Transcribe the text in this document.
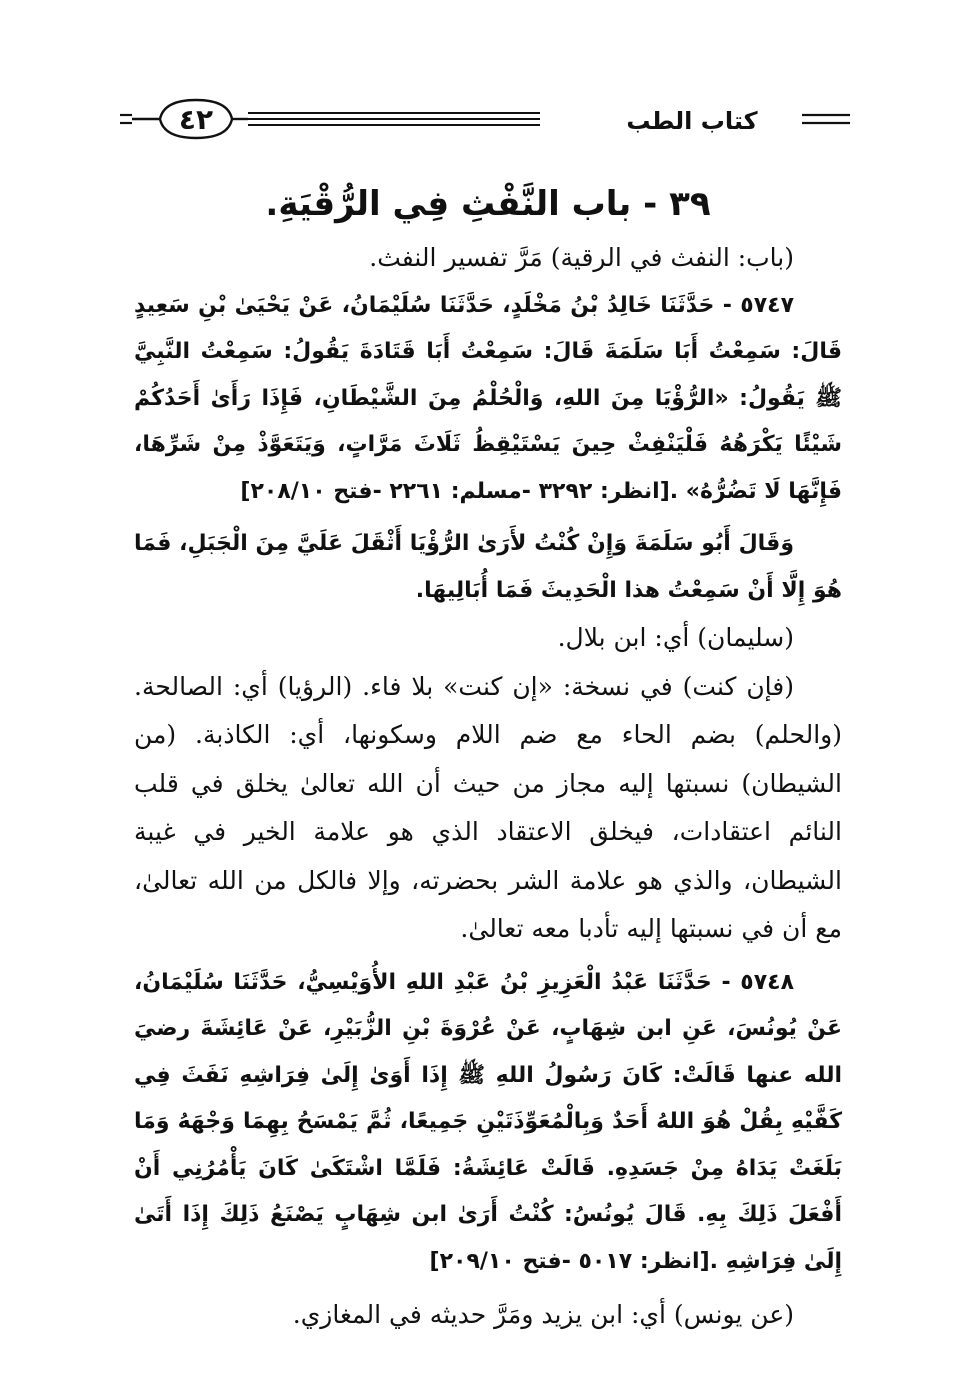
٤٢	كتاب الطب
٣٩ - باب النَّفْثِ فِي الرُّقْيَةِ.

(باب: النفث في الرقية) مَرَّ تفسير النفث.

٥٧٤٧ - حَدَّثَنَا خَالِدُ بْنُ مَخْلَدٍ، حَدَّثَنَا سُلَيْمَانُ، عَنْ يَحْيَىٰ بْنِ سَعِيدٍ قَالَ: سَمِعْتُ أَبَا سَلَمَةَ قَالَ: سَمِعْتُ أَبَا قَتَادَةَ يَقُولُ: سَمِعْتُ النَّبِيَّ ﷺ يَقُولُ: «الرُّؤْيَا مِنَ اللهِ، وَالْحُلْمُ مِنَ الشَّيْطَانِ، فَإِذَا رَأَىٰ أَحَدُكُمْ شَيْئًا يَكْرَهُهُ فَلْيَنْفِثْ حِينَ يَسْتَيْقِظُ ثَلَاثَ مَرَّاتٍ، وَيَتَعَوَّذْ مِنْ شَرِّهَا، فَإِنَّهَا لَا تَضُرُّهُ» .[انظر: ٣٢٩٢ -مسلم: ٢٢٦١ -فتح ٢٠٨/١٠]

وَقَالَ أَبُو سَلَمَةَ وَإِنْ كُنْتُ لأَرَىٰ الرُّؤْيَا أَثْقَلَ عَلَيَّ مِنَ الْجَبَلِ، فَمَا هُوَ إِلَّا أَنْ سَمِعْتُ هذا الْحَدِيثَ فَمَا أُبَالِيهَا.

(سليمان) أي: ابن بلال.

(فإن كنت) في نسخة: «إن كنت» بلا فاء. (الرؤيا) أي: الصالحة. (والحلم) بضم الحاء مع ضم اللام وسكونها، أي: الكاذبة. (من الشيطان) نسبتها إليه مجاز من حيث أن الله تعالىٰ يخلق في قلب النائم اعتقادات، فيخلق الاعتقاد الذي هو علامة الخير في غيبة الشيطان، والذي هو علامة الشر بحضرته، وإلا فالكل من الله تعالىٰ، مع أن في نسبتها إليه تأدبا معه تعالىٰ.

٥٧٤٨ - حَدَّثَنَا عَبْدُ الْعَزِيزِ بْنُ عَبْدِ اللهِ الأُوَيْسِيُّ، حَدَّثَنَا سُلَيْمَانُ، عَنْ يُونُسَ، عَنِ ابن شِهَابٍ، عَنْ عُرْوَةَ بْنِ الزُّبَيْرِ، عَنْ عَائِشَةَ رضيَ الله عنها قَالَتْ: كَانَ رَسُولُ اللهِ ﷺ إِذَا أَوَىٰ إِلَىٰ فِرَاشِهِ نَفَثَ فِي كَفَّيْهِ بِقُلْ هُوَ اللهُ أَحَدٌ وَبِالْمُعَوِّذَتَيْنِ جَمِيعًا، ثُمَّ يَمْسَحُ بِهِمَا وَجْهَهُ وَمَا بَلَغَتْ يَدَاهُ مِنْ جَسَدِهِ. قَالَتْ عَائِشَةُ: فَلَمَّا اشْتَكَىٰ كَانَ يَأْمُرُنِي أَنْ أَفْعَلَ ذَلِكَ بِهِ. قَالَ يُونُسُ: كُنْتُ أَرَىٰ ابن شِهَابٍ يَصْنَعُ ذَلِكَ إِذَا أَتَىٰ إِلَىٰ فِرَاشِهِ .[انظر: ٥٠١٧ -فتح ٢٠٩/١٠]

(عن يونس) أي: ابن يزيد ومَرَّ حديثه في المغازي.
